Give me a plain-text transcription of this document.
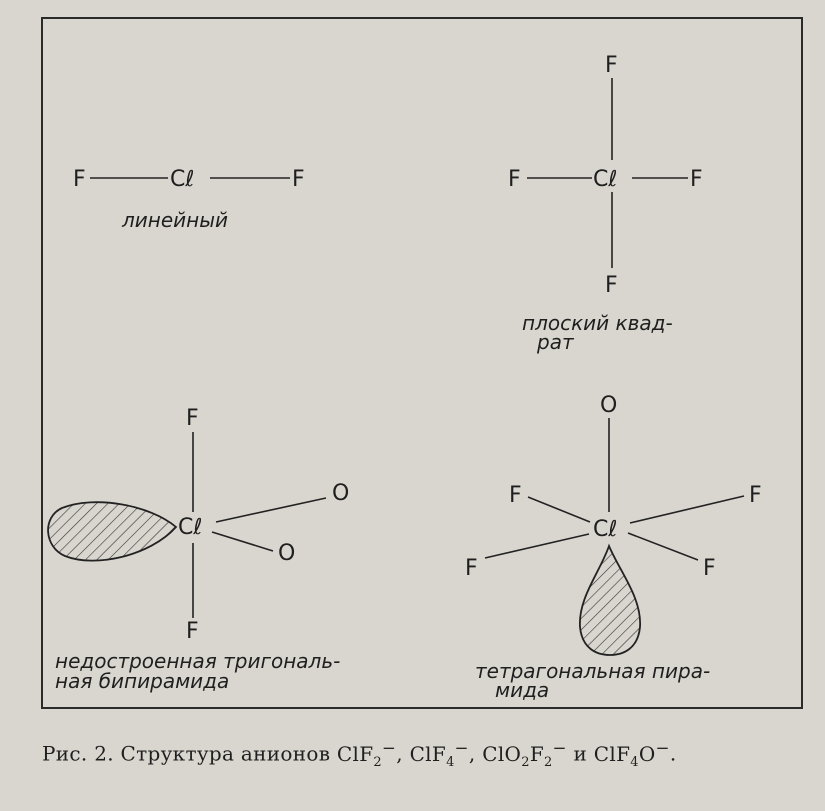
F	Cℓ	F
линейный
F
F	Cℓ	F
F
плоский квад-
рат
F
Cℓ
O
O
F
недостроенная тригональ-
ная бипирамида
O
F	F
Cℓ
F	F
тетрагональная пира-
мида
Рис. 2. Структура анионов ClF$_2$−, ClF$_4$−, $ClO_2F_2^-$ и ClF$_4$O−.
